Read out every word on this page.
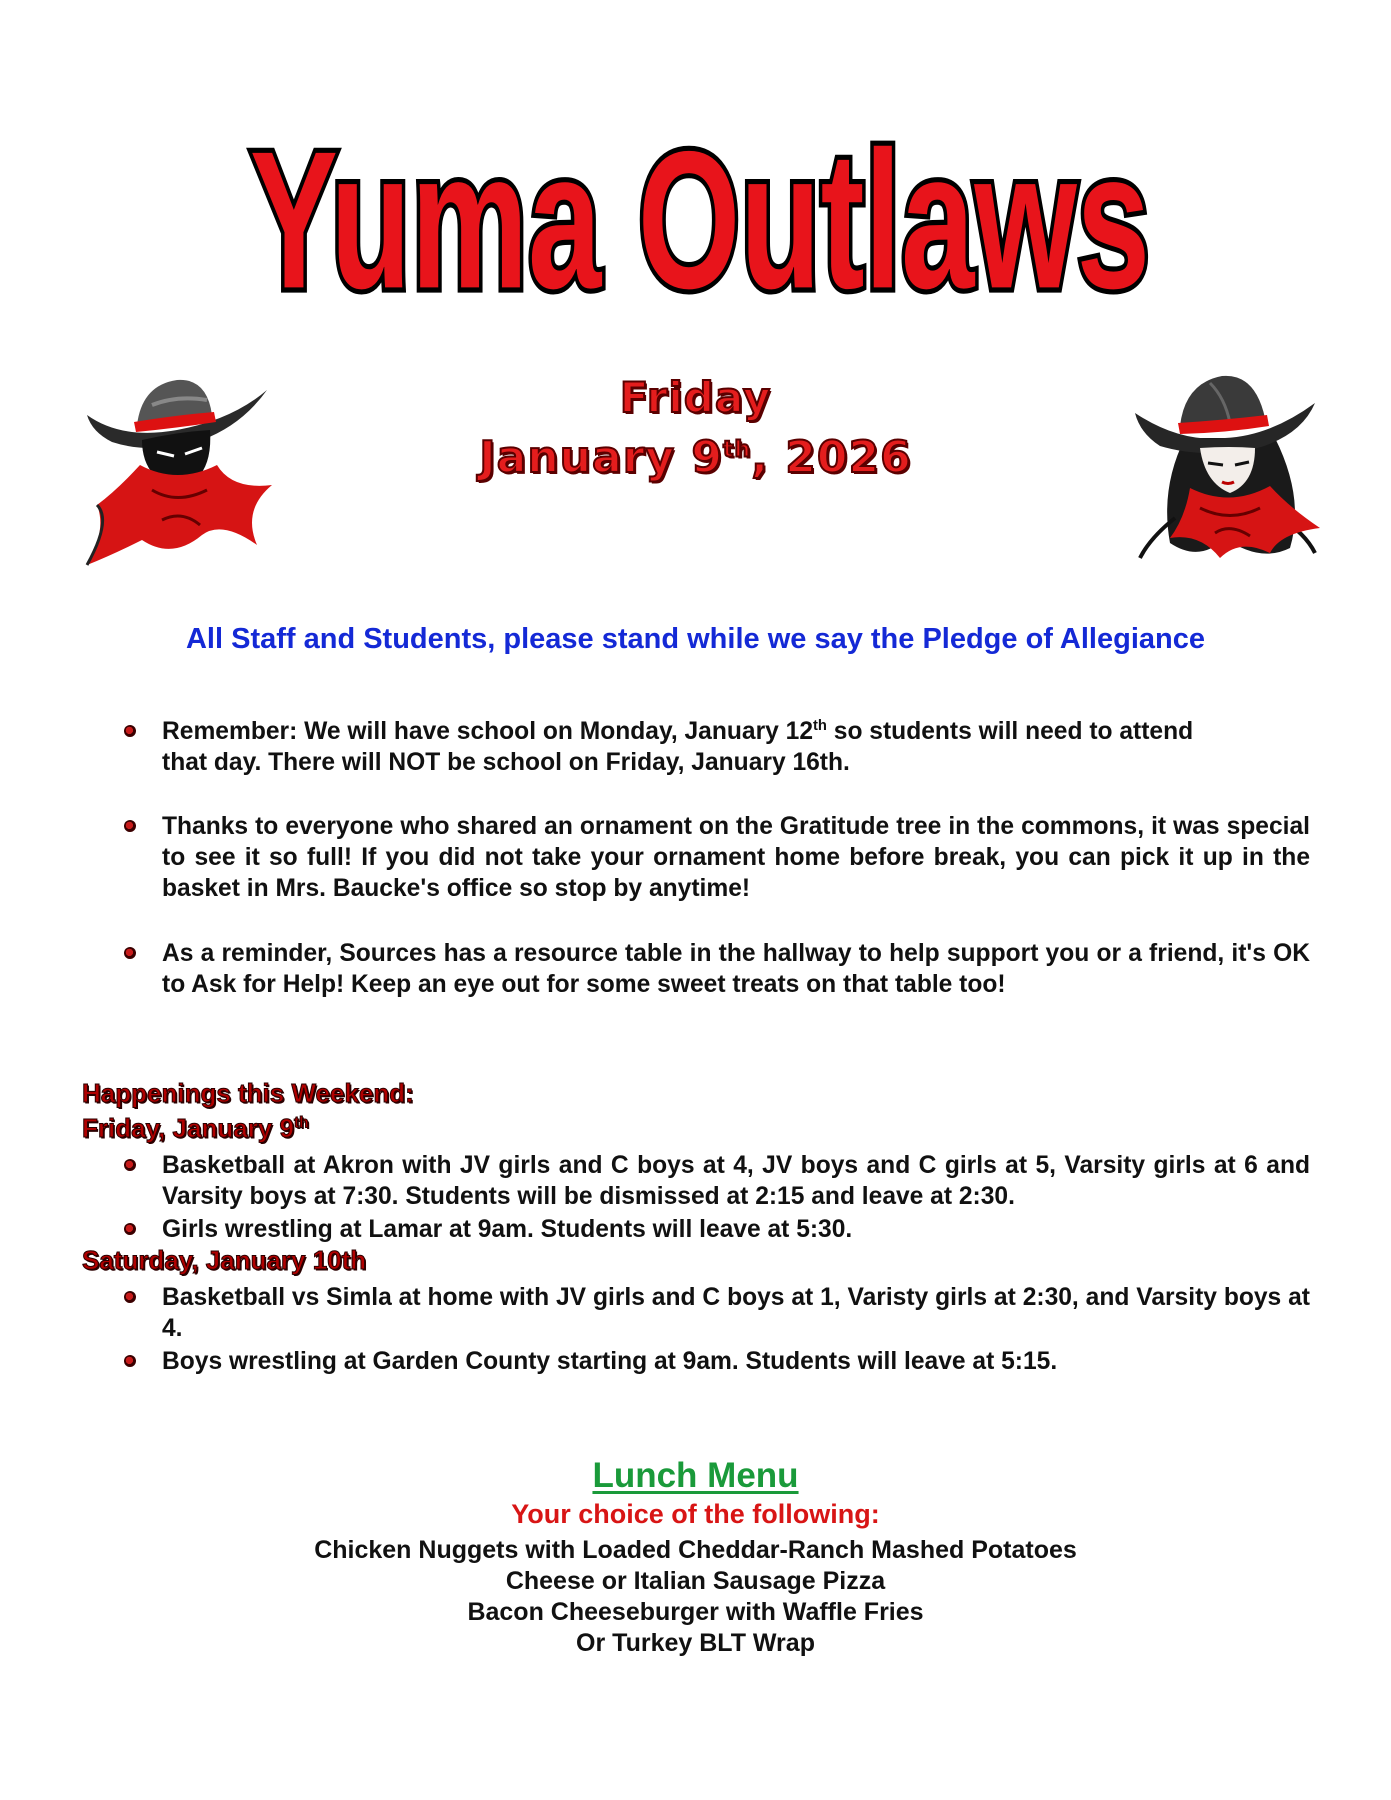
Yuma Outlaws
Friday
January 9th, 2026
All Staff and Students, please stand while we say the Pledge of Allegiance
Remember: We will have school on Monday, January 12th so students will need to attend
that day. There will NOT be school on Friday, January 16th.
Thanks to everyone who shared an ornament on the Gratitude tree in the commons, it was special to see it so full! If you did not take your ornament home before break, you can pick it up in the basket in Mrs. Baucke's office so stop by anytime!
As a reminder, Sources has a resource table in the hallway to help support you or a friend, it's OK to Ask for Help! Keep an eye out for some sweet treats on that table too!
Happenings this Weekend:
Friday, January 9th
Basketball at Akron with JV girls and C boys at 4, JV boys and C girls at 5, Varsity girls at 6 and Varsity boys at 7:30. Students will be dismissed at 2:15 and leave at 2:30.
Girls wrestling at Lamar at 9am. Students will leave at 5:30.
Saturday, January 10th
Basketball vs Simla at home with JV girls and C boys at 1, Varisty girls at 2:30, and Varsity boys at 4.
Boys wrestling at Garden County starting at 9am. Students will leave at 5:15.
Lunch Menu
Your choice of the following:
Chicken Nuggets with Loaded Cheddar-Ranch Mashed Potatoes
Cheese or Italian Sausage Pizza
Bacon Cheeseburger with Waffle Fries
Or Turkey BLT Wrap
